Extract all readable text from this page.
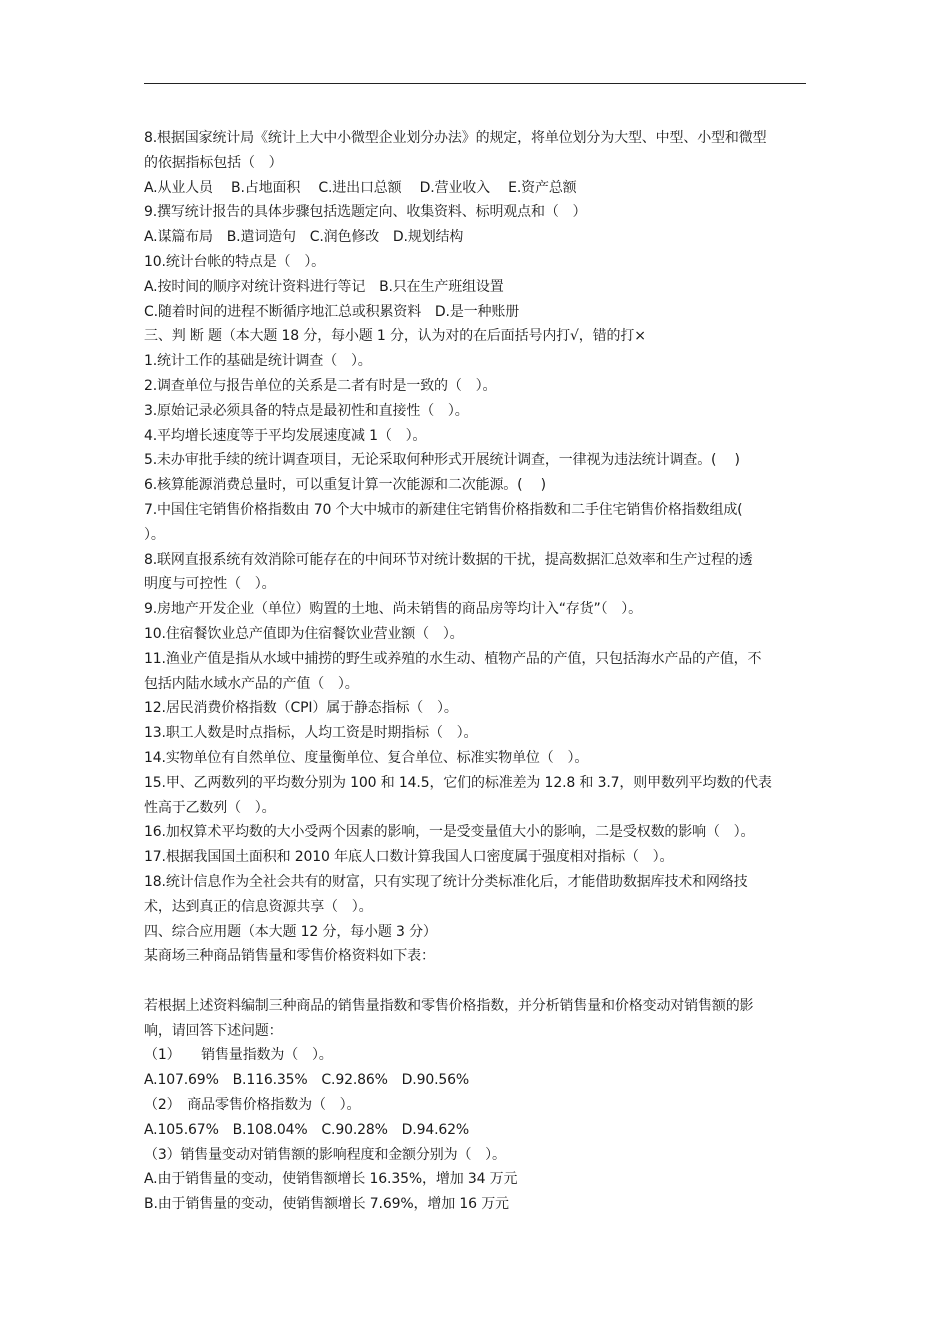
8.根据国家统计局《统计上大中小微型企业划分办法》的规定，将单位划分为大型、中型、小型和微型
的依据指标包括（　）
A.从业人员　 B.占地面积　 C.进出口总额　 D.营业收入　 E.资产总额
9.撰写统计报告的具体步骤包括选题定向、收集资料、标明观点和（　）
A.谋篇布局　B.遣词造句　C.润色修改　D.规划结构
10.统计台帐的特点是（　）。
A.按时间的顺序对统计资料进行等记　B.只在生产班组设置
C.随着时间的进程不断循序地汇总或积累资料　D.是一种账册
三、判 断 题（本大题 18 分，每小题 1 分，认为对的在后面括号内打√，错的打×
1.统计工作的基础是统计调查（　）。
2.调查单位与报告单位的关系是二者有时是一致的（　）。
3.原始记录必须具备的特点是最初性和直接性（　）。
4.平均增长速度等于平均发展速度减 1（　）。
5.未办审批手续的统计调查项目，无论采取何种形式开展统计调查，一律视为违法统计调查。(　 )
6.核算能源消费总量时，可以重复计算一次能源和二次能源。(　 )
7.中国住宅销售价格指数由 70 个大中城市的新建住宅销售价格指数和二手住宅销售价格指数组成(
）。
8.联网直报系统有效消除可能存在的中间环节对统计数据的干扰，提高数据汇总效率和生产过程的透
明度与可控性（　）。
9.房地产开发企业（单位）购置的土地、尚未销售的商品房等均计入“存货”（　）。
10.住宿餐饮业总产值即为住宿餐饮业营业额（　）。
11.渔业产值是指从水域中捕捞的野生或养殖的水生动、植物产品的产值，只包括海水产品的产值，不
包括内陆水域水产品的产值（　）。
12.居民消费价格指数（CPI）属于静态指标（　）。
13.职工人数是时点指标，人均工资是时期指标（　）。
14.实物单位有自然单位、度量衡单位、复合单位、标准实物单位（　）。
15.甲、乙两数列的平均数分别为 100 和 14.5，它们的标准差为 12.8 和 3.7，则甲数列平均数的代表
性高于乙数列（　）。
16.加权算术平均数的大小受两个因素的影响，一是受变量值大小的影响，二是受权数的影响（　）。
17.根据我国国土面积和 2010 年底人口数计算我国人口密度属于强度相对指标（　）。
18.统计信息作为全社会共有的财富，只有实现了统计分类标准化后，才能借助数据库技术和网络技
术，达到真正的信息资源共享（　）。
四、综合应用题（本大题 12 分，每小题 3 分）
某商场三种商品销售量和零售价格资料如下表：
若根据上述资料编制三种商品的销售量指数和零售价格指数，并分析销售量和价格变动对销售额的影
响，请回答下述问题：
（1）　　销售量指数为（　）。
A.107.69%　B.116.35%　C.92.86%　D.90.56%
（2）　商品零售价格指数为（　）。
A.105.67%　B.108.04%　C.90.28%　D.94.62%
（3）销售量变动对销售额的影响程度和金额分别为（　）。
A.由于销售量的变动，使销售额增长 16.35%，增加 34 万元
B.由于销售量的变动，使销售额增长 7.69%，增加 16 万元
